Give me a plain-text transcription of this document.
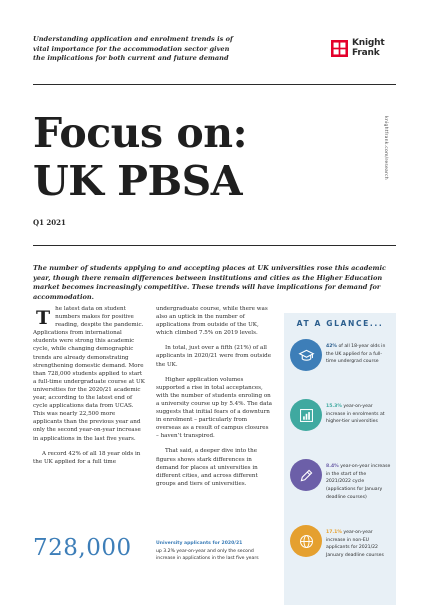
Understanding application and enrolment trends is of
vital importance for the accommodation sector given
the implications for both current and future demand
Knight
Frank
knightfrank.com/research
Focus on:
UK PBSA
Q1 2021
The number of students applying to and accepting places at UK universities rose this academic year, though there remain differences between institutions and cities as the Higher Education market becomes increasingly competitive. These trends will have implications for demand for accommodation.

The latest data on student numbers makes for positive reading, despite the pandemic. Applications from international students were strong this academic cycle, while changing demographic trends are already demonstrating strengthening domestic demand. More than 728,000 students applied to start a full-time undergraduate course at UK universities for the 2020/21 academic year, according to the latest end of cycle applications data from UCAS. This was nearly 22,500 more applicants than the previous year and only the second year-on-year increase in applications in the last five years.

A record 42% of all 18 year olds in the UK applied for a full time

undergraduate course, while there was also an uptick in the number of applications from outside of the UK, which climbed 7.5% on 2019 levels.

In total, just over a fifth (21%) of all applicants in 2020/21 were from outside the UK.

Higher application volumes supported a rise in total acceptances, with the number of students enroling on a university course up by 5.4%. The data suggests that initial fears of a downturn in enrolment – particularly from overseas as a result of campus closures – haven’t transpired.

That said, a deeper dive into the figures shows stark differences in demand for places at universities in different cities, and across different groups and tiers of universities.

728,000	University applicants for 2020/21
up 3.2% year-on-year and only the second increase in applications in the last five years
AT A GLANCE...
42% of all 18-year olds in the UK applied for a full-time undergrad course
15.3% year-on-year increase in enrolments at higher-tier universities
8.4% year-on-year increase in the start of the 2021/2022 cycle (applications for January deadline courses)
17.1% year-on-year increase in non-EU applicants for 2021/22 January deadline courses
